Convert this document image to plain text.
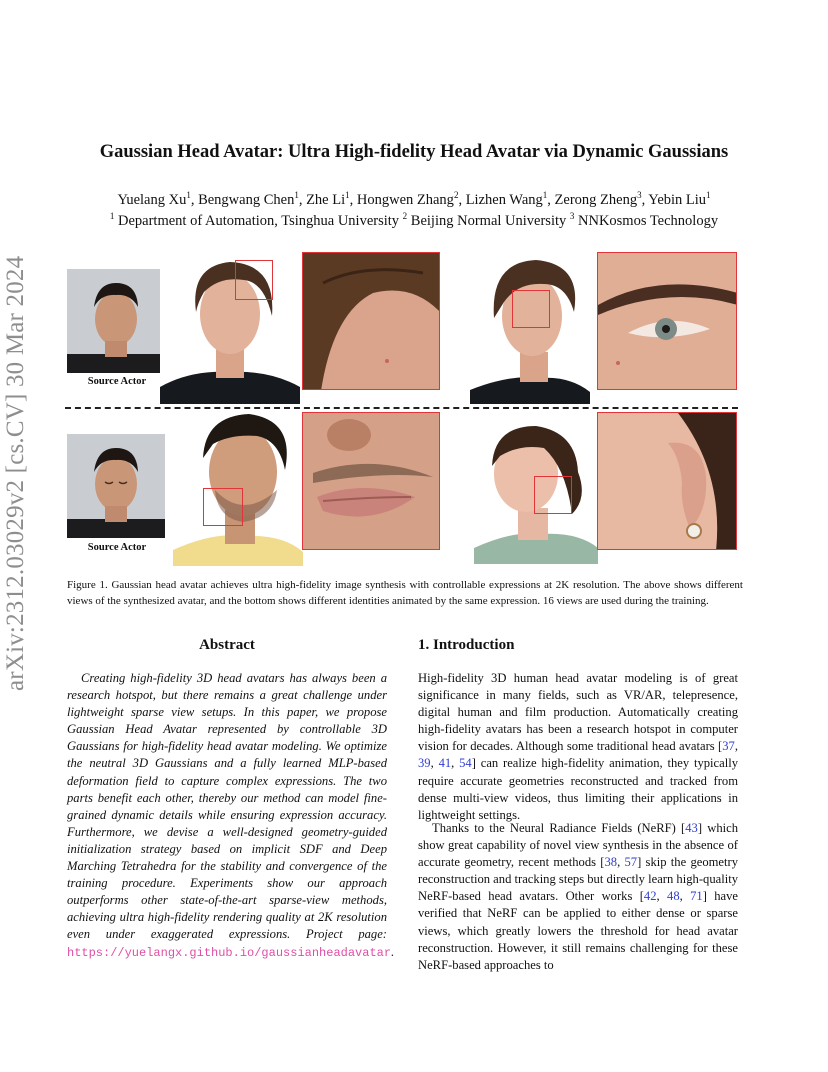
arXiv:2312.03029v2 [cs.CV] 30 Mar 2024
Gaussian Head Avatar: Ultra High-fidelity Head Avatar via Dynamic Gaussians
Yuelang Xu$^1$, Bengwang Chen$^1$, Zhe Li$^1$, Hongwen Zhang$^2$, Lizhen Wang$^1$, Zerong Zheng$^3$, Yebin Liu$^1$
$^1$ Department of Automation, Tsinghua University $^2$ Beijing Normal University $^3$ NNKosmos Technology
Source Actor
Source Actor
Figure 1. Gaussian head avatar achieves ultra high-fidelity image synthesis with controllable expressions at 2K resolution. The above shows different views of the synthesized avatar, and the bottom shows different identities animated by the same expression. 16 views are used during the training.
Abstract
Creating high-fidelity 3D head avatars has always been a research hotspot, but there remains a great challenge under lightweight sparse view setups. In this paper, we propose Gaussian Head Avatar represented by controllable 3D Gaussians for high-fidelity head avatar modeling. We optimize the neutral 3D Gaussians and a fully learned MLP-based deformation field to capture complex expressions. The two parts benefit each other, thereby our method can model fine-grained dynamic details while ensuring expression accuracy. Furthermore, we devise a well-designed geometry-guided initialization strategy based on implicit SDF and Deep Marching Tetrahedra for the stability and convergence of the training procedure. Experiments show our approach outperforms other state-of-the-art sparse-view methods, achieving ultra high-fidelity rendering quality at 2K resolution even under exaggerated expressions. Project page: https://yuelangx.github.io/gaussianheadavatar.
1. Introduction
High-fidelity 3D human head avatar modeling is of great significance in many fields, such as VR/AR, telepresence, digital human and film production. Automatically creating high-fidelity avatars has been a research hotspot in computer vision for decades. Although some traditional head avatars [37, 39, 41, 54] can realize high-fidelity animation, they typically require accurate geometries reconstructed and tracked from dense multi-view videos, thus limiting their applications in lightweight settings.
Thanks to the Neural Radiance Fields (NeRF) [43] which show great capability of novel view synthesis in the absence of accurate geometry, recent methods [38, 57] skip the geometry reconstruction and tracking steps but directly learn high-quality NeRF-based head avatars. Other works [42, 48, 71] have verified that NeRF can be applied to either dense or sparse views, which greatly lowers the threshold for head avatar reconstruction. However, it still remains challenging for these NeRF-based approaches to
